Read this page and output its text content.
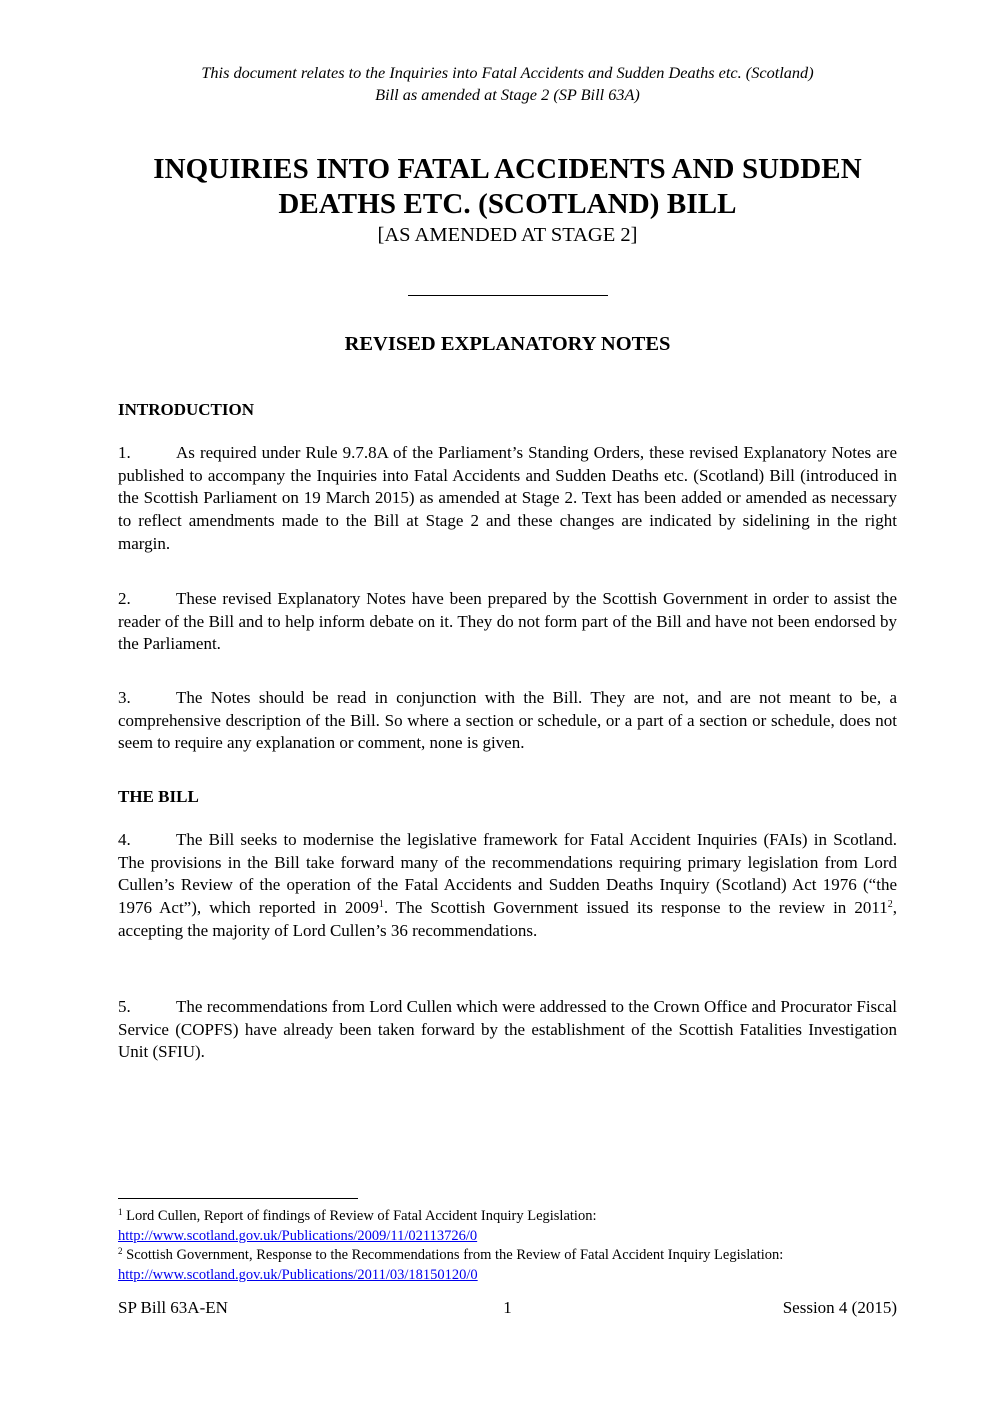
This document relates to the Inquiries into Fatal Accidents and Sudden Deaths etc. (Scotland)
Bill as amended at Stage 2 (SP Bill 63A)
INQUIRIES INTO FATAL ACCIDENTS AND SUDDEN
DEATHS ETC. (SCOTLAND) BILL
[AS AMENDED AT STAGE 2]
REVISED EXPLANATORY NOTES
INTRODUCTION
1.	As required under Rule 9.7.8A of the Parliament’s Standing Orders, these revised Explanatory Notes are published to accompany the Inquiries into Fatal Accidents and Sudden Deaths etc. (Scotland) Bill (introduced in the Scottish Parliament on 19 March 2015) as amended at Stage 2. Text has been added or amended as necessary to reflect amendments made to the Bill at Stage 2 and these changes are indicated by sidelining in the right margin.
2.	These revised Explanatory Notes have been prepared by the Scottish Government in order to assist the reader of the Bill and to help inform debate on it. They do not form part of the Bill and have not been endorsed by the Parliament.
3.	The Notes should be read in conjunction with the Bill. They are not, and are not meant to be, a comprehensive description of the Bill. So where a section or schedule, or a part of a section or schedule, does not seem to require any explanation or comment, none is given.
THE BILL
4.	The Bill seeks to modernise the legislative framework for Fatal Accident Inquiries (FAIs) in Scotland. The provisions in the Bill take forward many of the recommendations requiring primary legislation from Lord Cullen’s Review of the operation of the Fatal Accidents and Sudden Deaths Inquiry (Scotland) Act 1976 (“the 1976 Act”), which reported in 2009$^1$. The Scottish Government issued its response to the review in 2011$^2$, accepting the majority of Lord Cullen’s 36 recommendations.
5.	The recommendations from Lord Cullen which were addressed to the Crown Office and Procurator Fiscal Service (COPFS) have already been taken forward by the establishment of the Scottish Fatalities Investigation Unit (SFIU).
$^1$ Lord Cullen, Report of findings of Review of Fatal Accident Inquiry Legislation:
http://www.scotland.gov.uk/Publications/2009/11/02113726/0
$^2$ Scottish Government, Response to the Recommendations from the Review of Fatal Accident Inquiry Legislation:
http://www.scotland.gov.uk/Publications/2011/03/18150120/0
SP Bill 63A-EN	1	Session 4 (2015)
